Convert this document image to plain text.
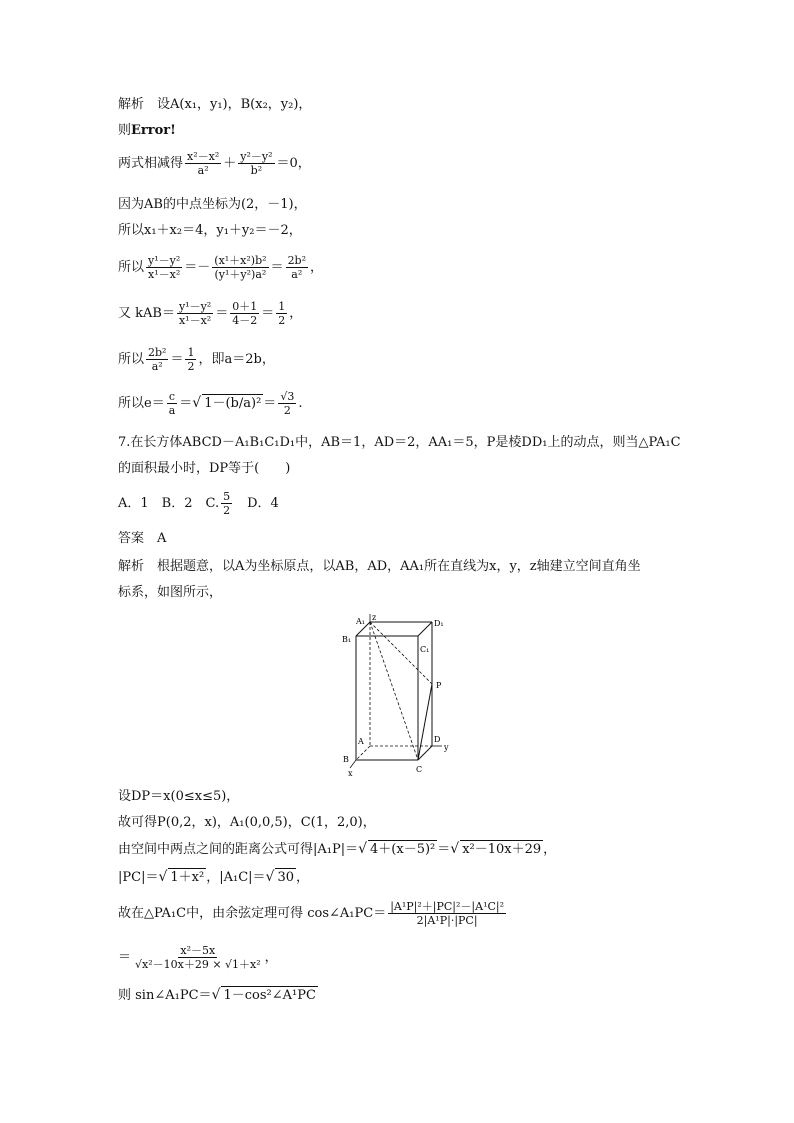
解析　设A(x₁，y₁)，B(x₂，y₂)，
则Error!
两式相减得 $\frac{\text{x²－x²}}{\text{a²}} + \frac{\text{y²－y²}}{\text{b²}} =0$，
因为AB的中点坐标为(2，－1)，
所以x₁＋x₂＝4，y₁＋y₂＝－2，
所以 $\frac{\text{y¹－y²}}{\text{x¹－x²}} =- \frac{\text{(x¹＋x²)b²}}{\text{(y¹＋y²)a²}} = \frac{\text{2b²}}{\text{a²}}$ ，
又 $kAB= \frac{\text{y¹－y²}}{\text{x¹－x²}} = \frac{0+1}{4-2} = \frac{1}{2}$ ，
所以 $\frac{\text{2b²}}{\text{a²}} = \frac{1}{2}$ ，即a＝2b，
所以$e= \frac{c}{a}$ ＝√ $1-(b/a)^2 = \frac{√3}{2}$ .
7.在长方体ABCD－A₁B₁C₁D₁中，AB＝1，AD＝2，AA₁＝5，P是棱DD₁上的动点，则当△PA₁C
的面积最小时，DP等于(　　)
A．1　B．2　C. $\frac{5}{2}$ 　D．4
答案　A
解析　根据题意，以A为坐标原点，以AB，AD，AA₁所在直线为x，y，z轴建立空间直角坐
标系，如图所示，
A₁
B₁
C₁
D₁
A
B
C
D
P
x
y
z
设DP＝x(0≤x≤5)，
故可得P(0,2，x)，A₁(0,0,5)，C(1，2,0)，
由空间中两点之间的距离公式可得|A₁P|＝√ 4＋(x－5)² ＝√ x²－10x＋29 ，
|PC|＝√ 1＋x² ，|A₁C|＝√ 30 ，
故在△PA₁C中，由余弦定理可得 cos∠A₁PC＝ $\frac{\text{|A¹P|²＋|PC|²－|A¹C|²}}{\text{2|A¹P|·|PC|}}$
＝ $\frac{\text{x²－5x}}{\text{√x²－10x＋29 × √1＋x²}}$ ，
则 sin∠A₁PC＝√ 1－cos²∠A¹PC
